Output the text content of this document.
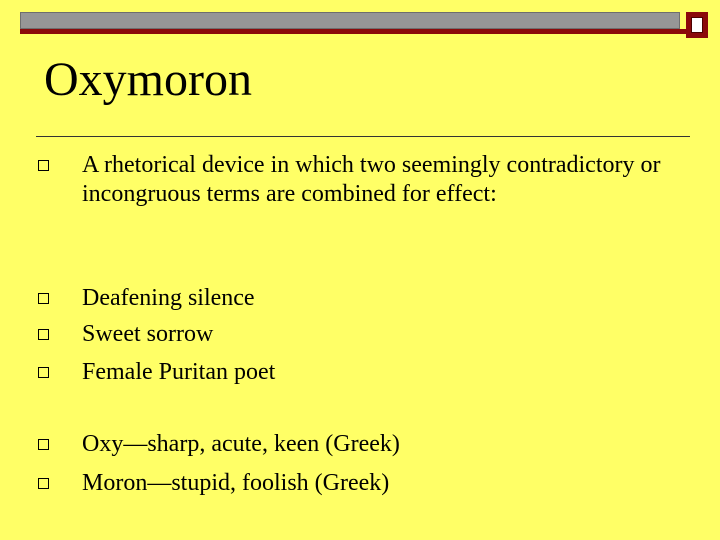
Oxymoron
A rhetorical device in which two seemingly contradictory or incongruous terms are combined for effect:
Deafening silence
Sweet sorrow
Female Puritan poet
Oxy—sharp, acute, keen (Greek)
Moron—stupid, foolish (Greek)
